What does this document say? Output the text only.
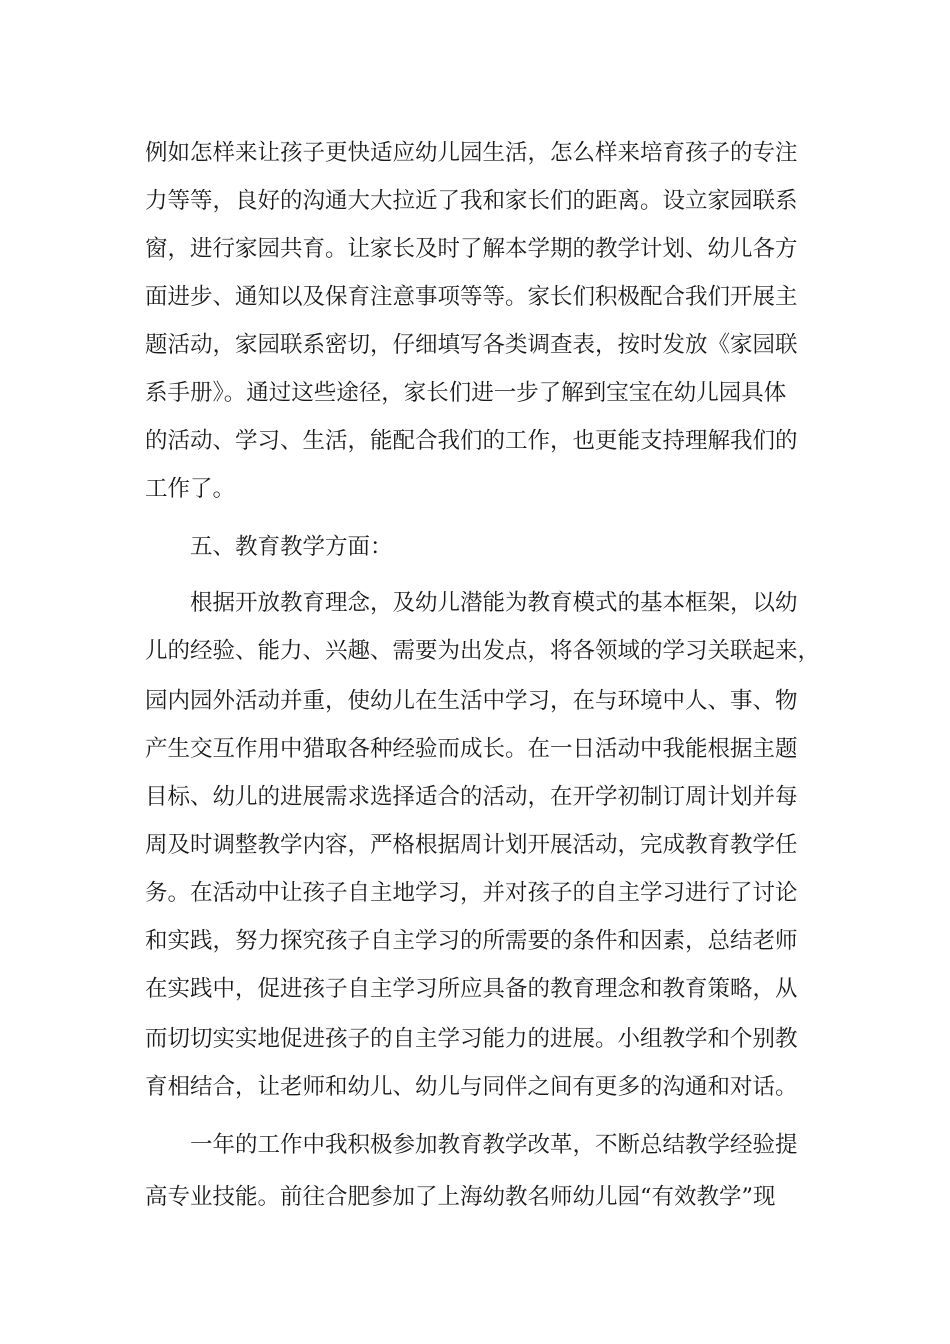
例如怎样来让孩子更快适应幼儿园生活，怎么样来培育孩子的专注
力等等，良好的沟通大大拉近了我和家长们的距离。设立家园联系
窗，进行家园共育。让家长及时了解本学期的教学计划、幼儿各方
面进步、通知以及保育注意事项等等。家长们积极配合我们开展主
题活动，家园联系密切，仔细填写各类调查表，按时发放《家园联
系手册》。通过这些途径，家长们进一步了解到宝宝在幼儿园具体
的活动、学习、生活，能配合我们的工作，也更能支持理解我们的
工作了。
五、教育教学方面：
根据开放教育理念，及幼儿潜能为教育模式的基本框架，以幼
儿的经验、能力、兴趣、需要为出发点，将各领域的学习关联起来，
园内园外活动并重，使幼儿在生活中学习，在与环境中人、事、物
产生交互作用中猎取各种经验而成长。在一日活动中我能根据主题
目标、幼儿的进展需求选择适合的活动，在开学初制订周计划并每
周及时调整教学内容，严格根据周计划开展活动，完成教育教学任
务。在活动中让孩子自主地学习，并对孩子的自主学习进行了讨论
和实践，努力探究孩子自主学习的所需要的条件和因素，总结老师
在实践中，促进孩子自主学习所应具备的教育理念和教育策略，从
而切切实实地促进孩子的自主学习能力的进展。小组教学和个别教
育相结合，让老师和幼儿、幼儿与同伴之间有更多的沟通和对话。
一年的工作中我积极参加教育教学改革，不断总结教学经验提
高专业技能。前往合肥参加了上海幼教名师幼儿园“有效教学”现
